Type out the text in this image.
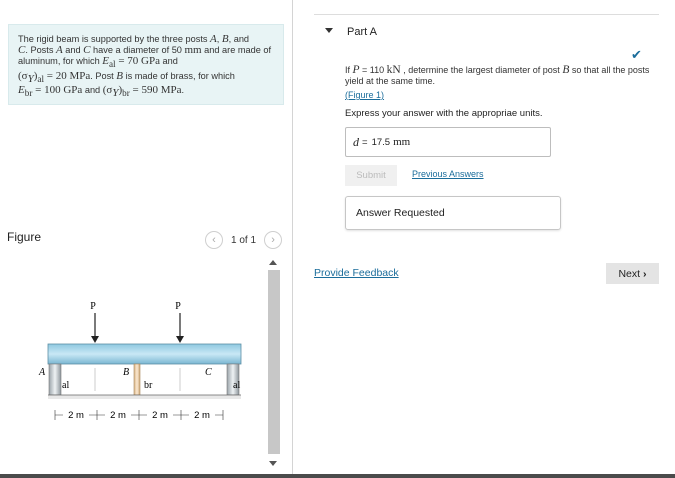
The rigid beam is supported by the three posts A, B, and
C. Posts A and C have a diameter of 50 mm and are made of aluminum, for which $E_{al} = 70$ GPa and
$(\sigma_Y)_{al} = 20$ MPa. Post B is made of brass, for which
$E_{br} = 100$ GPa and $(\sigma_Y)_{br} = 590$ MPa.
Figure	‹	1 of 1	›
P	P
A	B	C
al	br	al
2 m	2 m	2 m	2 m
Part A
✔
If P = 110 kN , determine the largest diameter of post B so that all the posts yield at the same time.
(Figure 1)
Express your answer with the appropriae units.
d = 17.5 mm
Submit	Previous Answers
Answer Requested
Provide Feedback	Next ›
